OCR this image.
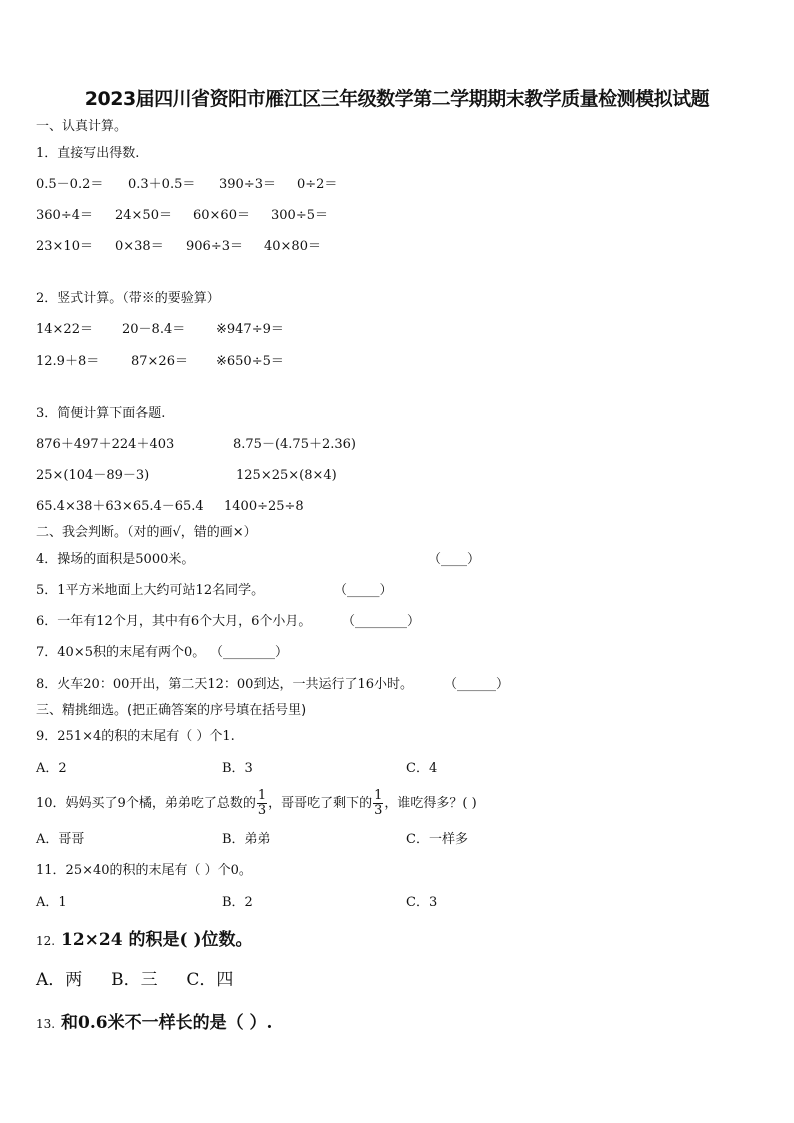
2023届四川省资阳市雁江区三年级数学第二学期期末教学质量检测模拟试题
一、认真计算。
1．直接写出得数.
0.5－0.2＝ 0.3＋0.5＝ 390÷3＝ 0÷2＝
360÷4＝ 24×50＝ 60×60＝ 300÷5＝
23×10＝ 0×38＝ 906÷3＝ 40×80＝
2．竖式计算。（带※的要验算）
14×22＝ 20－8.4＝ ※947÷9＝
12.9＋8＝ 87×26＝ ※650÷5＝
3．简便计算下面各题.
876＋497＋224＋403	8.75－(4.75＋2.36)
25×(104－89－3)	125×25×(8×4)
65.4×38＋63×65.4－65.4 1400÷25÷8
二、我会判断。（对的画√，错的画×）
4．操场的面积是5000米。	（____）
5．1平方米地面上大约可站12名同学。	（_____）
6．一年有12个月，其中有6个大月，6个小月。 （________）
7．40×5积的末尾有两个0。 （________）
8．火车20：00开出，第二天12：00到达，一共运行了16小时。 （______）
三、精挑细选。(把正确答案的序号填在括号里)
9．251×4的积的末尾有（ ）个1.
A．2	B．3	C．4
10．妈妈买了9个橘，弟弟吃了总数的 $\frac{1}{3}$ ，哥哥吃了剩下的 $\frac{1}{3}$ ，谁吃得多？( )
A．哥哥	B．弟弟	C．一样多
11．25×40的积的末尾有（ ）个0。
A．1	B．2	C．3
12. 12×24 的积是( )位数。
A．两 B．三 C．四
13. 和0.6米不一样长的是（ ）.
